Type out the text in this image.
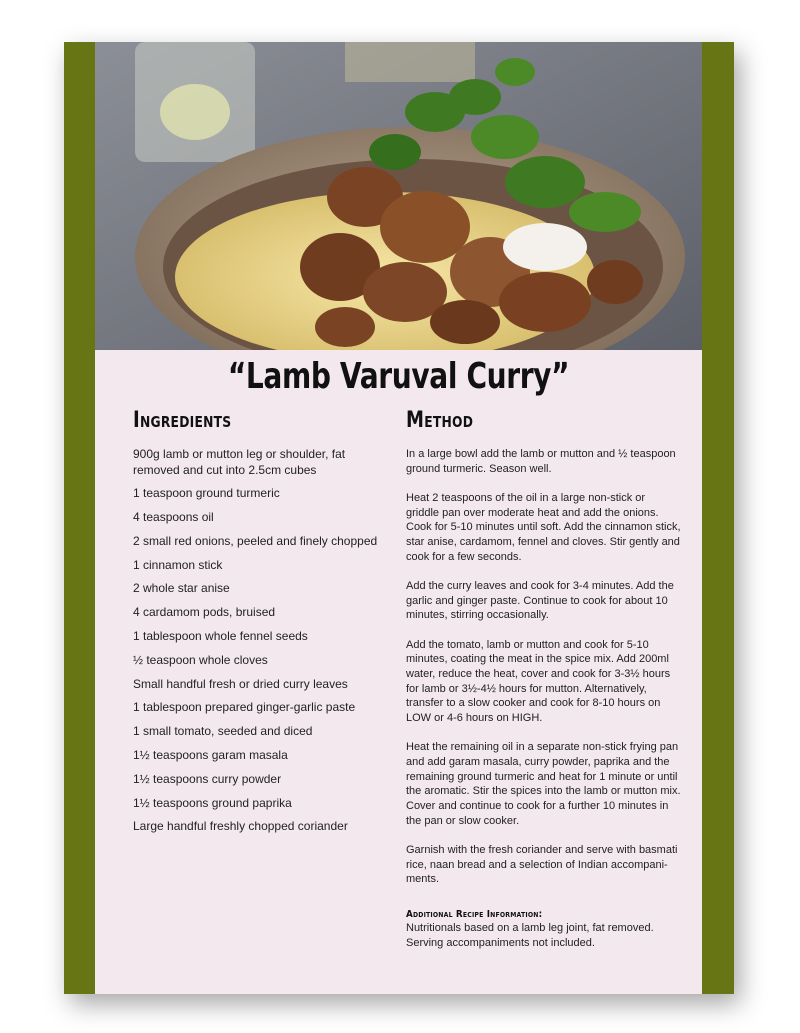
“Lamb Varuval Curry”
Ingredients
900g lamb or mutton leg or shoulder, fat removed and cut into 2.5cm cubes
1 teaspoon ground turmeric
4 teaspoons oil
2 small red onions, peeled and finely chopped
1 cinnamon stick
2 whole star anise
4 cardamom pods, bruised
1 tablespoon whole fennel seeds
½ teaspoon whole cloves
Small handful fresh or dried curry leaves
1 tablespoon prepared ginger-garlic paste
1 small tomato, seeded and diced
1½ teaspoons garam masala
1½ teaspoons curry powder
1½ teaspoons ground paprika
Large handful freshly chopped coriander
Method

In a large bowl add the lamb or mutton and ½ teaspoon ground turmeric. Season well.

Heat 2 teaspoons of the oil in a large non-stick or griddle pan over moderate heat and add the onions. Cook for 5-10 minutes until soft. Add the cinnamon stick, star anise, cardamom, fennel and cloves. Stir gently and cook for a few seconds.

Add the curry leaves and cook for 3-4 minutes. Add the garlic and ginger paste. Continue to cook for about 10 minutes, stirring occasionally.

Add the tomato, lamb or mutton and cook for 5-10 minutes, coating the meat in the spice mix. Add 200ml water, reduce the heat, cover and cook for 3-3½ hours for lamb or 3½-4½ hours for mutton. Alternatively, transfer to a slow cooker and cook for 8-10 hours on LOW or 4-6 hours on HIGH.

Heat the remaining oil in a separate non-stick frying pan and add garam masala, curry powder, paprika and the remaining ground turmeric and heat for 1 minute or until the aromatic. Stir the spices into the lamb or mutton mix. Cover and continue to cook for a further 10 minutes in the pan or slow cooker.

Garnish with the fresh coriander and serve with basmati rice, naan bread and a selection of Indian accompani-ments.

Additional Recipe Information:
Nutritionals based on a lamb leg joint, fat removed. Serving accompaniments not included.
